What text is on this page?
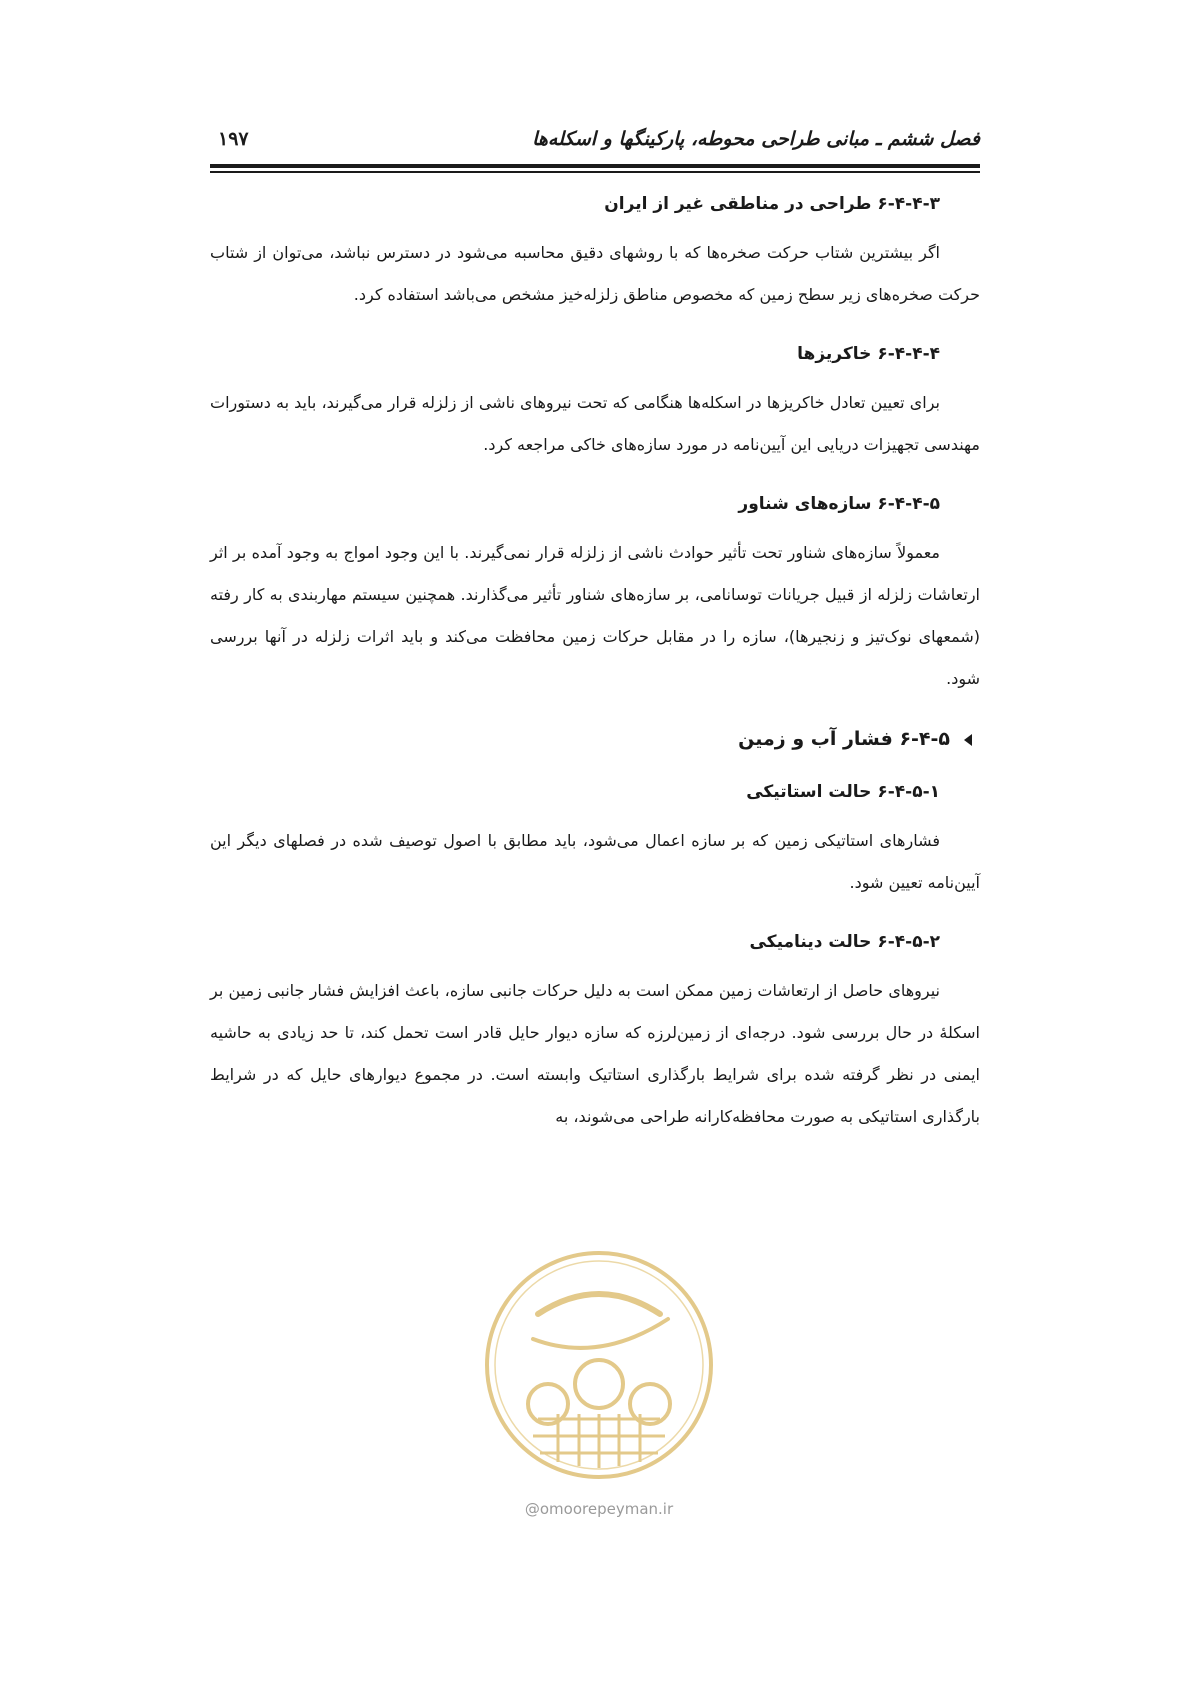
فصل ششم ـ مبانی طراحی محوطه، پارکینگها و اسکله‌ها
۱۹۷
۶-۴-۴-۳ طراحی در مناطقی غیر از ایران

اگر بیشترین شتاب حرکت صخره‌ها که با روشهای دقیق محاسبه می‌شود در دسترس نباشد، می‌توان از شتاب حرکت صخره‌های زیر سطح زمین که مخصوص مناطق زلزله‌خیز مشخص می‌باشد استفاده کرد.

۶-۴-۴-۴ خاکریزها

برای تعیین تعادل خاکریزها در اسکله‌ها هنگامی که تحت نیروهای ناشی از زلزله قرار می‌گیرند، باید به دستورات مهندسی تجهیزات دریایی این آیین‌نامه در مورد سازه‌های خاکی مراجعه کرد.

۶-۴-۴-۵ سازه‌های شناور

معمولاً سازه‌های شناور تحت تأثیر حوادث ناشی از زلزله قرار نمی‌گیرند. با این وجود امواج به وجود آمده بر اثر ارتعاشات زلزله از قبیل جریانات توسانامی، بر سازه‌های شناور تأثیر می‌گذارند. همچنین سیستم مهاربندی به کار رفته (شمعهای نوک‌تیز و زنجیرها)، سازه را در مقابل حرکات زمین محافظت می‌کند و باید اثرات زلزله در آنها بررسی شود.

۶-۴-۵ فشار آب و زمین
۶-۴-۵-۱ حالت استاتیکی

فشارهای استاتیکی زمین که بر سازه اعمال می‌شود، باید مطابق با اصول توصیف شده در فصلهای دیگر این آیین‌نامه تعیین شود.

۶-۴-۵-۲ حالت دینامیکی

نیروهای حاصل از ارتعاشات زمین ممکن است به دلیل حرکات جانبی سازه، باعث افزایش فشار جانبی زمین بر اسکلهٔ در حال بررسی شود. درجه‌ای از زمین‌لرزه که سازه دیوار حایل قادر است تحمل کند، تا حد زیادی به حاشیه ایمنی در نظر گرفته شده برای شرایط بارگذاری استاتیک وابسته است. در مجموع دیوارهای حایل که در شرایط بارگذاری استاتیکی به صورت محافظه‌کارانه طراحی می‌شوند، به

@omoorepeyman.ir
